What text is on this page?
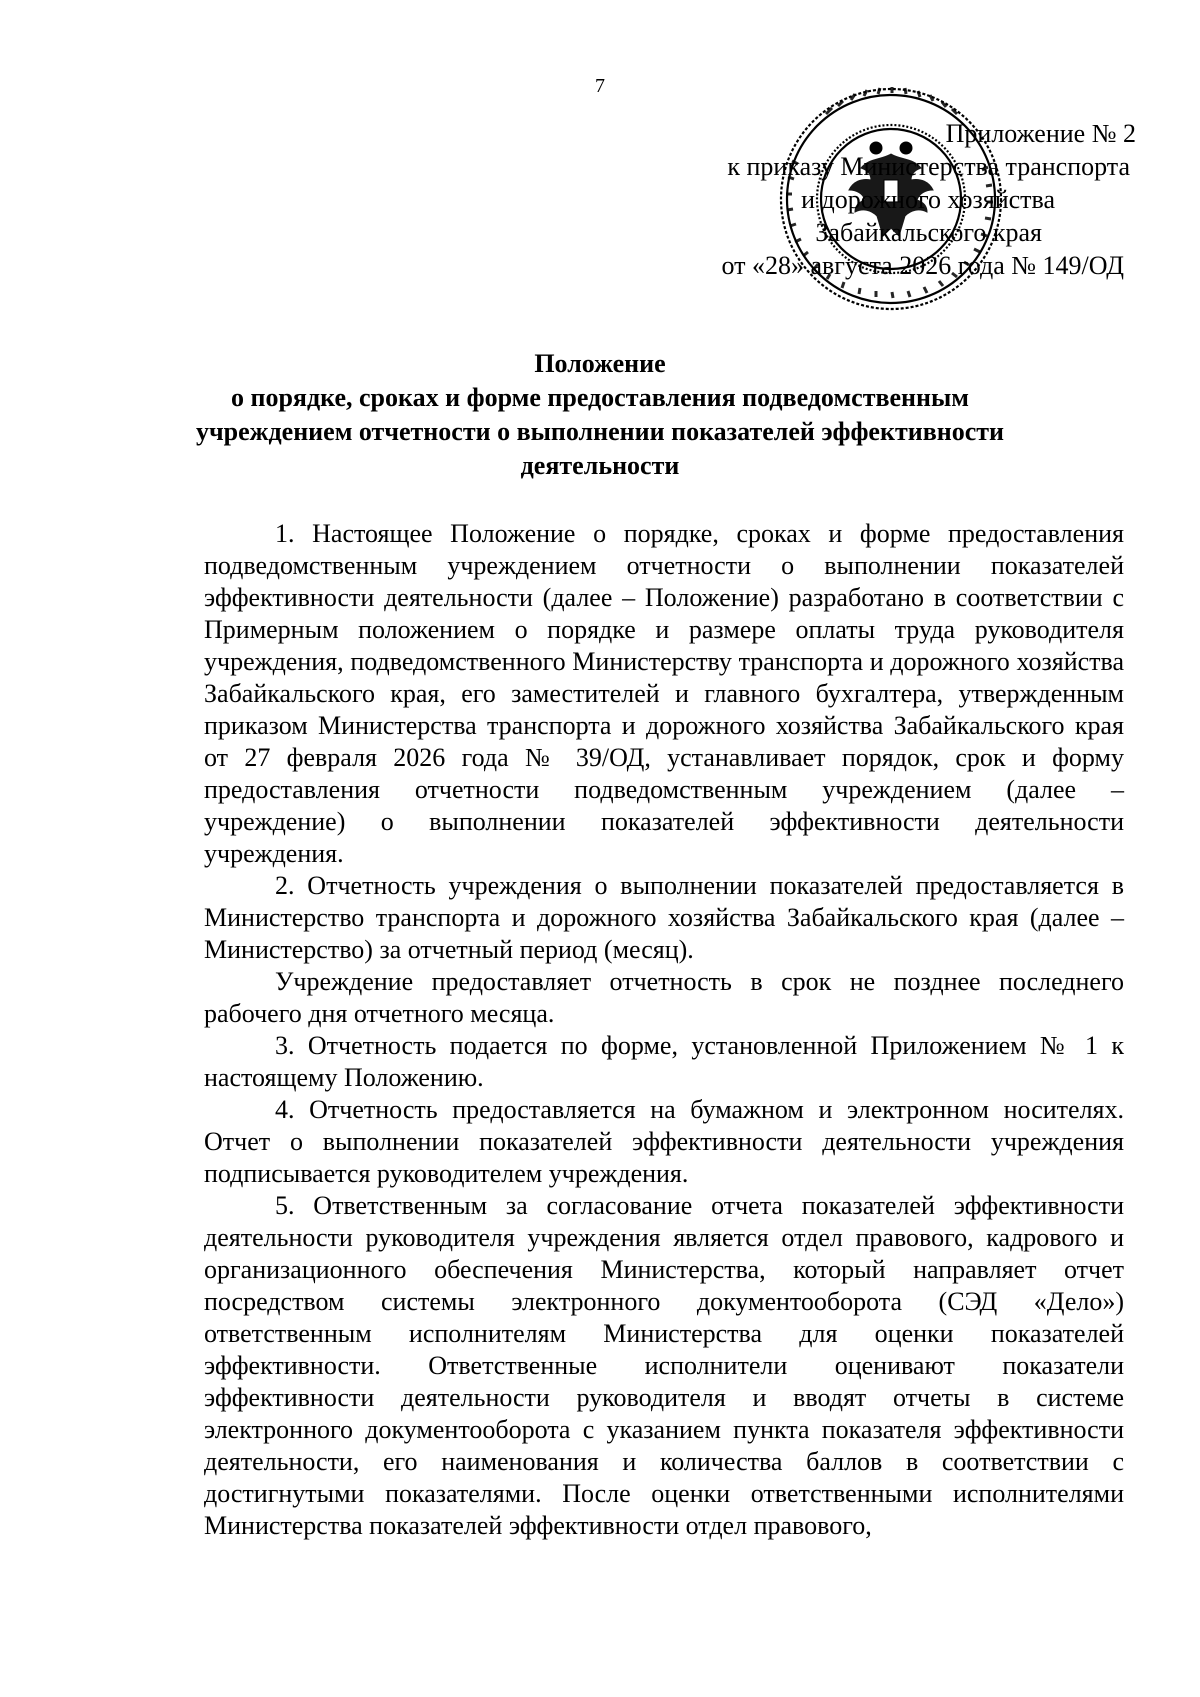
7
Приложение № 2
к приказу Министерства транспорта
и дорожного хозяйства
Забайкальского края
от «28» августа 2026 года № 149/ОД
Положение
о порядке, сроках и форме предоставления подведомственным
учреждением отчетности о выполнении показателей эффективности
деятельности

1. Настоящее Положение о порядке, сроках и форме предоставления подведомственным учреждением отчетности о выполнении показателей эффективности деятельности (далее – Положение) разработано в соответствии с Примерным положением о порядке и размере оплаты труда руководителя учреждения, подведомственного Министерству транспорта и дорожного хозяйства Забайкальского края, его заместителей и главного бухгалтера, утвержденным приказом Министерства транспорта и дорожного хозяйства Забайкальского края от 27 февраля 2026 года № 39/ОД, устанавливает порядок, срок и форму предоставления отчетности подведомственным учреждением (далее – учреждение) о выполнении показателей эффективности деятельности учреждения.

2. Отчетность учреждения о выполнении показателей предоставляется в Министерство транспорта и дорожного хозяйства Забайкальского края (далее – Министерство) за отчетный период (месяц).

Учреждение предоставляет отчетность в срок не позднее последнего рабочего дня отчетного месяца.

3. Отчетность подается по форме, установленной Приложением № 1 к настоящему Положению.

4. Отчетность предоставляется на бумажном и электронном носителях. Отчет о выполнении показателей эффективности деятельности учреждения подписывается руководителем учреждения.

5. Ответственным за согласование отчета показателей эффективности деятельности руководителя учреждения является отдел правового, кадрового и организационного обеспечения Министерства, который направляет отчет посредством системы электронного документооборота (СЭД «Дело») ответственным исполнителям Министерства для оценки показателей эффективности. Ответственные исполнители оценивают показатели эффективности деятельности руководителя и вводят отчеты в системе электронного документооборота с указанием пункта показателя эффективности деятельности, его наименования и количества баллов в соответствии с достигнутыми показателями. После оценки ответственными исполнителями Министерства показателей эффективности отдел правового,
